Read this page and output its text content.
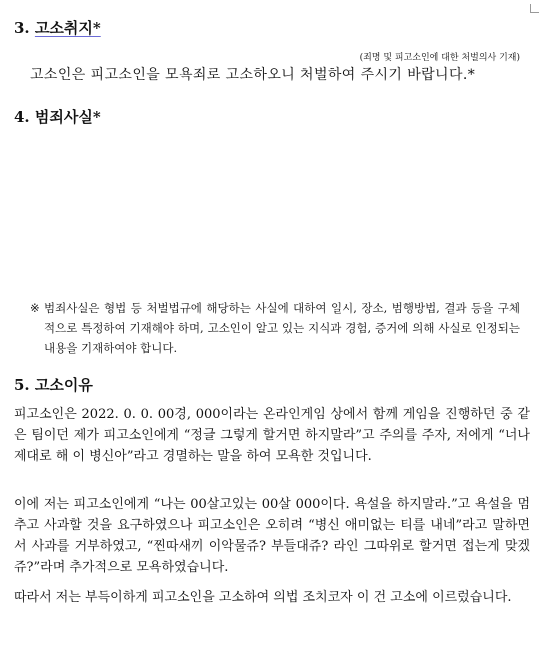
3. 고소취지*
(죄명 및 피고소인에 대한 처벌의사 기재)
고소인은 피고소인을 모욕죄로 고소하오니 처벌하여 주시기 바랍니다.*
4. 범죄사실*
※ 범죄사실은 형법 등 처벌법규에 해당하는 사실에 대하여 일시, 장소, 범행방법, 결과 등을 구체적으로 특정하여 기재해야 하며, 고소인이 알고 있는 지식과 경험, 증거에 의해 사실로 인정되는 내용을 기재하여야 합니다.
5. 고소이유
피고소인은 2022. 0. 0. 00경, 000이라는 온라인게임 상에서 함께 게임을 진행하던 중 같은 팀이던 제가 피고소인에게 “정글 그렇게 할거면 하지말라”고 주의를 주자, 저에게 “너나 제대로 해 이 병신아”라고 경멸하는 말을 하여 모욕한 것입니다.
이에 저는 피고소인에게 “나는 00살고있는 00살 000이다. 욕설을 하지말라.”고 욕설을 멈추고 사과할 것을 요구하였으나 피고소인은 오히려 “병신 애미없는 티를 내네”라고 말하면서 사과를 거부하였고, “찐따새끼 이악물쥬? 부들대쥬? 라인 그따위로 할거면 접는게 맞겠쥬?”라며 추가적으로 모욕하였습니다.
따라서 저는 부득이하게 피고소인을 고소하여 의법 조치코자 이 건 고소에 이르렀습니다.
